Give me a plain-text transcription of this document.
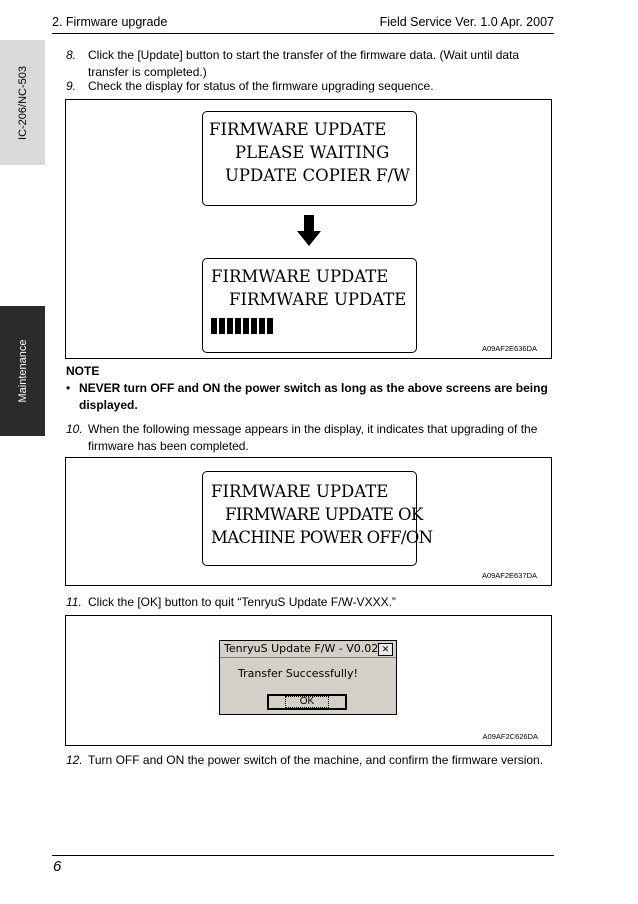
2. Firmware upgrade	Field Service Ver. 1.0 Apr. 2007
IC-206/NC-503
Maintenance
8. Click the [Update] button to start the transfer of the firmware data. (Wait until data transfer is completed.)
9. Check the display for status of the firmware upgrading sequence.
FIRMWARE UPDATE
PLEASE WAITING
UPDATE COPIER F/W
FIRMWARE UPDATE
FIRMWARE UPDATE
A09AF2E636DA
NOTE
• NEVER turn OFF and ON the power switch as long as the above screens are being displayed.
10. When the following message appears in the display, it indicates that upgrading of the firmware has been completed.
FIRMWARE UPDATE
FIRMWARE UPDATE OK
MACHINE POWER OFF/ON
A09AF2E637DA
11. Click the [OK] button to quit “TenryuS Update F/W-VXXX.”
TenryuS Update F/W - V0.02 ✕
Transfer Successfully!
OK
A09AF2C626DA
12. Turn OFF and ON the power switch of the machine, and confirm the firmware version.
6
